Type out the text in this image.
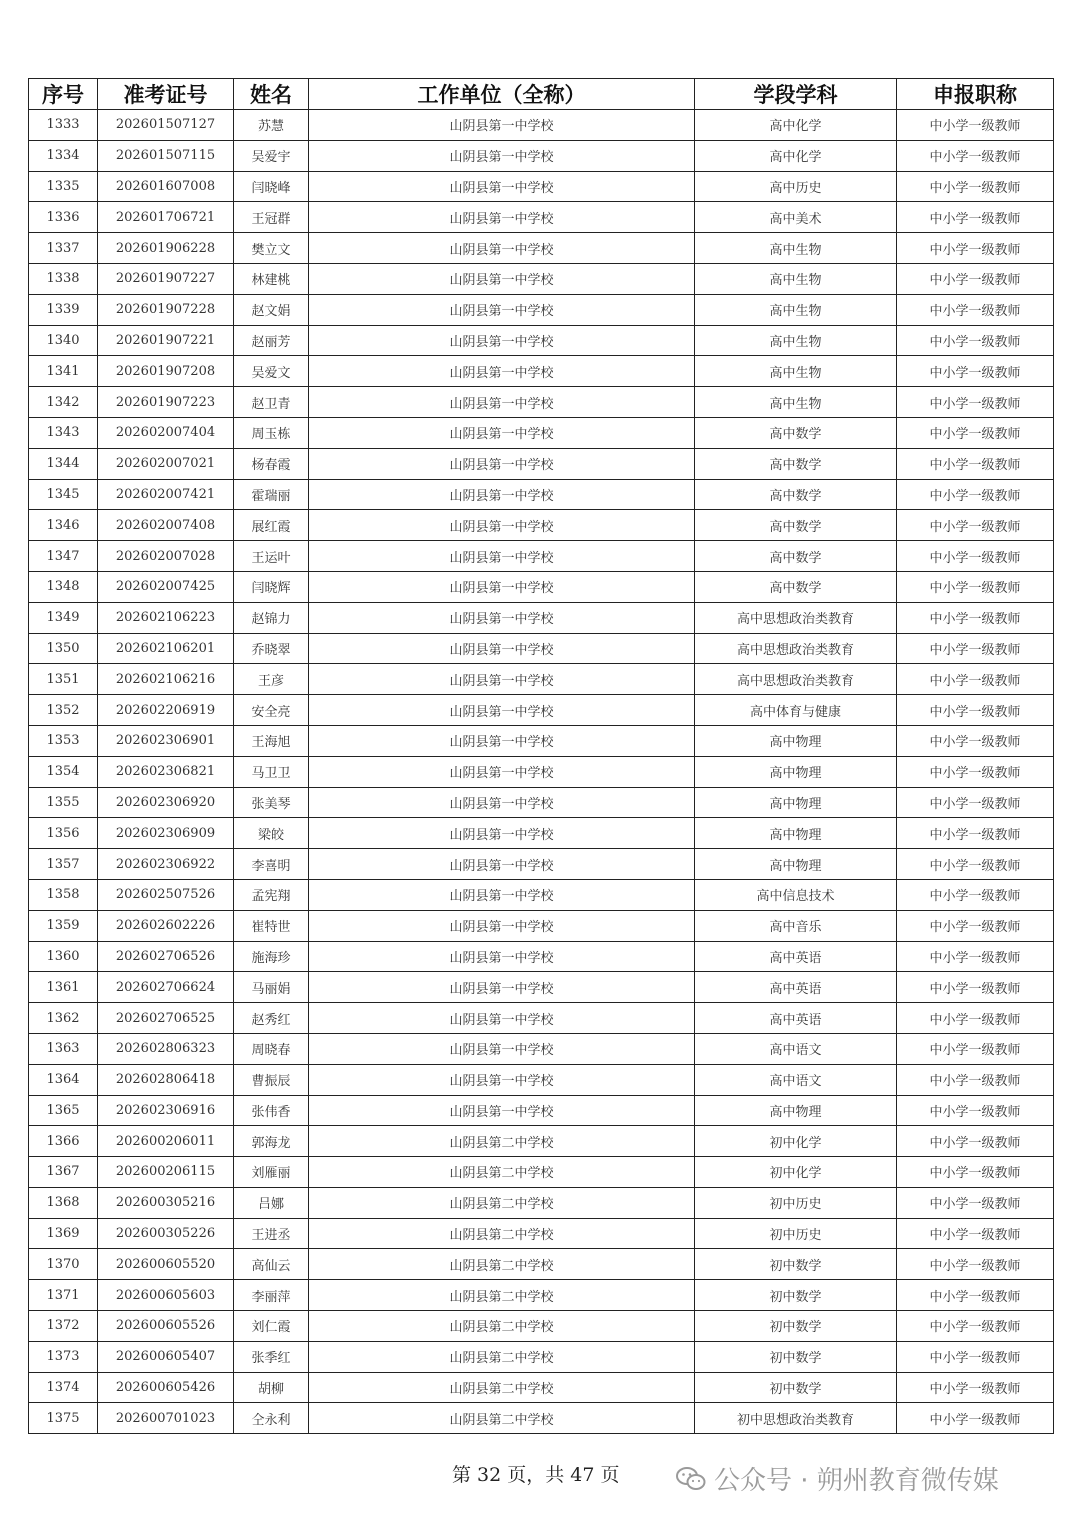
序号	准考证号	姓名	工作单位（全称）	学段学科	申报职称
1333	202601507127	苏慧	山阴县第一中学校	高中化学	中小学一级教师
1334	202601507115	吴爱宇	山阴县第一中学校	高中化学	中小学一级教师
1335	202601607008	闫晓峰	山阴县第一中学校	高中历史	中小学一级教师
1336	202601706721	王冠群	山阴县第一中学校	高中美术	中小学一级教师
1337	202601906228	樊立文	山阴县第一中学校	高中生物	中小学一级教师
1338	202601907227	林建桃	山阴县第一中学校	高中生物	中小学一级教师
1339	202601907228	赵文娟	山阴县第一中学校	高中生物	中小学一级教师
1340	202601907221	赵丽芳	山阴县第一中学校	高中生物	中小学一级教师
1341	202601907208	吴爱文	山阴县第一中学校	高中生物	中小学一级教师
1342	202601907223	赵卫青	山阴县第一中学校	高中生物	中小学一级教师
1343	202602007404	周玉栋	山阴县第一中学校	高中数学	中小学一级教师
1344	202602007021	杨春霞	山阴县第一中学校	高中数学	中小学一级教师
1345	202602007421	霍瑞丽	山阴县第一中学校	高中数学	中小学一级教师
1346	202602007408	展红霞	山阴县第一中学校	高中数学	中小学一级教师
1347	202602007028	王运叶	山阴县第一中学校	高中数学	中小学一级教师
1348	202602007425	闫晓辉	山阴县第一中学校	高中数学	中小学一级教师
1349	202602106223	赵锦力	山阴县第一中学校	高中思想政治类教育	中小学一级教师
1350	202602106201	乔晓翠	山阴县第一中学校	高中思想政治类教育	中小学一级教师
1351	202602106216	王彦	山阴县第一中学校	高中思想政治类教育	中小学一级教师
1352	202602206919	安全亮	山阴县第一中学校	高中体育与健康	中小学一级教师
1353	202602306901	王海旭	山阴县第一中学校	高中物理	中小学一级教师
1354	202602306821	马卫卫	山阴县第一中学校	高中物理	中小学一级教师
1355	202602306920	张美琴	山阴县第一中学校	高中物理	中小学一级教师
1356	202602306909	梁皎	山阴县第一中学校	高中物理	中小学一级教师
1357	202602306922	李喜明	山阴县第一中学校	高中物理	中小学一级教师
1358	202602507526	孟宪翔	山阴县第一中学校	高中信息技术	中小学一级教师
1359	202602602226	崔特世	山阴县第一中学校	高中音乐	中小学一级教师
1360	202602706526	施海珍	山阴县第一中学校	高中英语	中小学一级教师
1361	202602706624	马丽娟	山阴县第一中学校	高中英语	中小学一级教师
1362	202602706525	赵秀红	山阴县第一中学校	高中英语	中小学一级教师
1363	202602806323	周晓春	山阴县第一中学校	高中语文	中小学一级教师
1364	202602806418	曹振辰	山阴县第一中学校	高中语文	中小学一级教师
1365	202602306916	张伟香	山阴县第一中学校	高中物理	中小学一级教师
1366	202600206011	郭海龙	山阴县第二中学校	初中化学	中小学一级教师
1367	202600206115	刘雁丽	山阴县第二中学校	初中化学	中小学一级教师
1368	202600305216	吕娜	山阴县第二中学校	初中历史	中小学一级教师
1369	202600305226	王进丞	山阴县第二中学校	初中历史	中小学一级教师
1370	202600605520	高仙云	山阴县第二中学校	初中数学	中小学一级教师
1371	202600605603	李丽萍	山阴县第二中学校	初中数学	中小学一级教师
1372	202600605526	刘仁霞	山阴县第二中学校	初中数学	中小学一级教师
1373	202600605407	张季红	山阴县第二中学校	初中数学	中小学一级教师
1374	202600605426	胡柳	山阴县第二中学校	初中数学	中小学一级教师
1375	202600701023	仝永利	山阴县第二中学校	初中思想政治类教育	中小学一级教师
第 32 页，共 47 页	公众号 · 朔州教育微传媒
